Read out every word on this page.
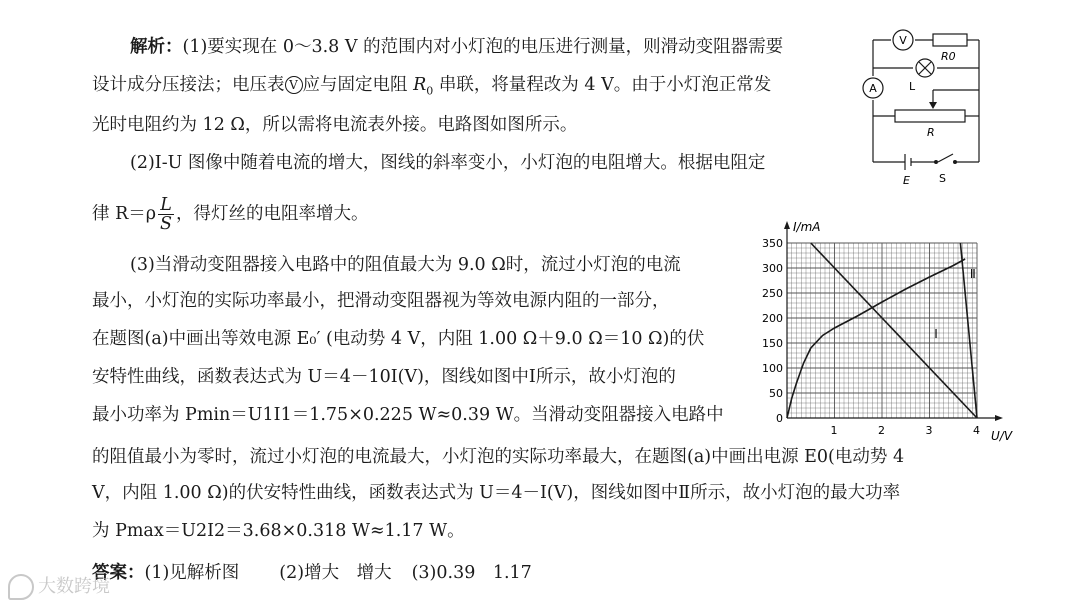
解析：(1)要实现在 0～3.8 V 的范围内对小灯泡的电压进行测量，则滑动变阻器需要
设计成分压接法；电压表 V 应与固定电阻 $R_0$ 串联，将量程改为 4 V。由于小灯泡正常发
光时电阻约为 12 Ω，所以需将电流表外接。电路图如图所示。
(2)I-U 图像中随着电流的增大，图线的斜率变小，小灯泡的电阻增大。根据电阻定
律 $R=\rho \frac{L}{S}$ ，得灯丝的电阻率增大。
(3)当滑动变阻器接入电路中的阻值最大为 9.0 Ω时，流过小灯泡的电流
最小，小灯泡的实际功率最小，把滑动变阻器视为等效电源内阻的一部分，
在题图(a)中画出等效电源 E₀′ (电动势 4 V，内阻 1.00 Ω＋9.0 Ω＝10 Ω)的伏
安特性曲线，函数表达式为 U＝4－10I(V)，图线如图中Ⅰ所示，故小灯泡的
最小功率为 Pmin＝U1I1＝1.75×0.225 W≈0.39 W。当滑动变阻器接入电路中
的阻值最小为零时，流过小灯泡的电流最大，小灯泡的实际功率最大，在题图(a)中画出电源 E0(电动势 4
V，内阻 1.00 Ω)的伏安特性曲线，函数表达式为 U＝4－I(V)，图线如图中Ⅱ所示，故小灯泡的最大功率
为 Pmax＝U2I2＝3.68×0.318 W≈1.17 W。
答案：(1)见解析图 (2)增大　增大 (3)0.39　1.17
V
A
R0
L
R
E	S
1	2	3	4
0
50
100
150
200
250
300
350
U/V
I/mA
Ⅰ
Ⅱ
大数跨境
